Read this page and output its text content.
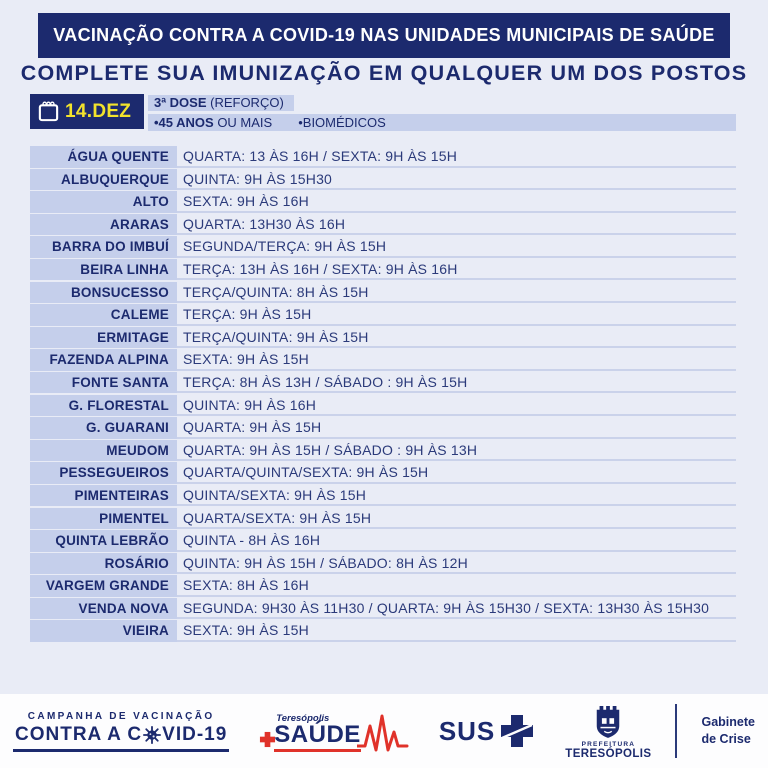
VACINAÇÃO CONTRA A COVID-19 NAS UNIDADES MUNICIPAIS DE SAÚDE
COMPLETE SUA IMUNIZAÇÃO EM QUALQUER UM DOS POSTOS
14.DEZ	3ª DOSE (REFORÇO)
•45 ANOS OU MAIS •BIOMÉDICOS
ÁGUA QUENTE	QUARTA: 13 ÀS 16H / SEXTA: 9H ÀS 15H
ALBUQUERQUE	QUINTA: 9H ÀS 15H30
ALTO	SEXTA: 9H ÀS 16H
ARARAS	QUARTA: 13H30 ÀS 16H
BARRA DO IMBUÍ	SEGUNDA/TERÇA: 9H ÀS 15H
BEIRA LINHA	TERÇA: 13H ÀS 16H / SEXTA: 9H ÀS 16H
BONSUCESSO	TERÇA/QUINTA: 8H ÀS 15H
CALEME	TERÇA: 9H ÀS 15H
ERMITAGE	TERÇA/QUINTA: 9H ÀS 15H
FAZENDA ALPINA	SEXTA: 9H ÀS 15H
FONTE SANTA	TERÇA: 8H ÀS 13H / SÁBADO : 9H ÀS 15H
G. FLORESTAL	QUINTA: 9H ÀS 16H
G. GUARANI	QUARTA: 9H ÀS 15H
MEUDOM	QUARTA: 9H ÀS 15H / SÁBADO : 9H ÀS 13H
PESSEGUEIROS	QUARTA/QUINTA/SEXTA: 9H ÀS 15H
PIMENTEIRAS	QUINTA/SEXTA: 9H ÀS 15H
PIMENTEL	QUARTA/SEXTA: 9H ÀS 15H
QUINTA LEBRÃO	QUINTA - 8H ÀS 16H
ROSÁRIO	QUINTA: 9H ÀS 15H / SÁBADO: 8H ÀS 12H
VARGEM GRANDE	SEXTA: 8H ÀS 16H
VENDA NOVA	SEGUNDA: 9H30 ÀS 11H30 / QUARTA: 9H ÀS 15H30 / SEXTA: 13H30 ÀS 15H30
VIEIRA	SEXTA: 9H ÀS 15H
CAMPANHA DE VACINAÇÃO
CONTRA A C VID-19
Teresópolis
SAÚDE	SUS	PREFEITURA
TERESÓPOLIS
Gabinete
de Crise
